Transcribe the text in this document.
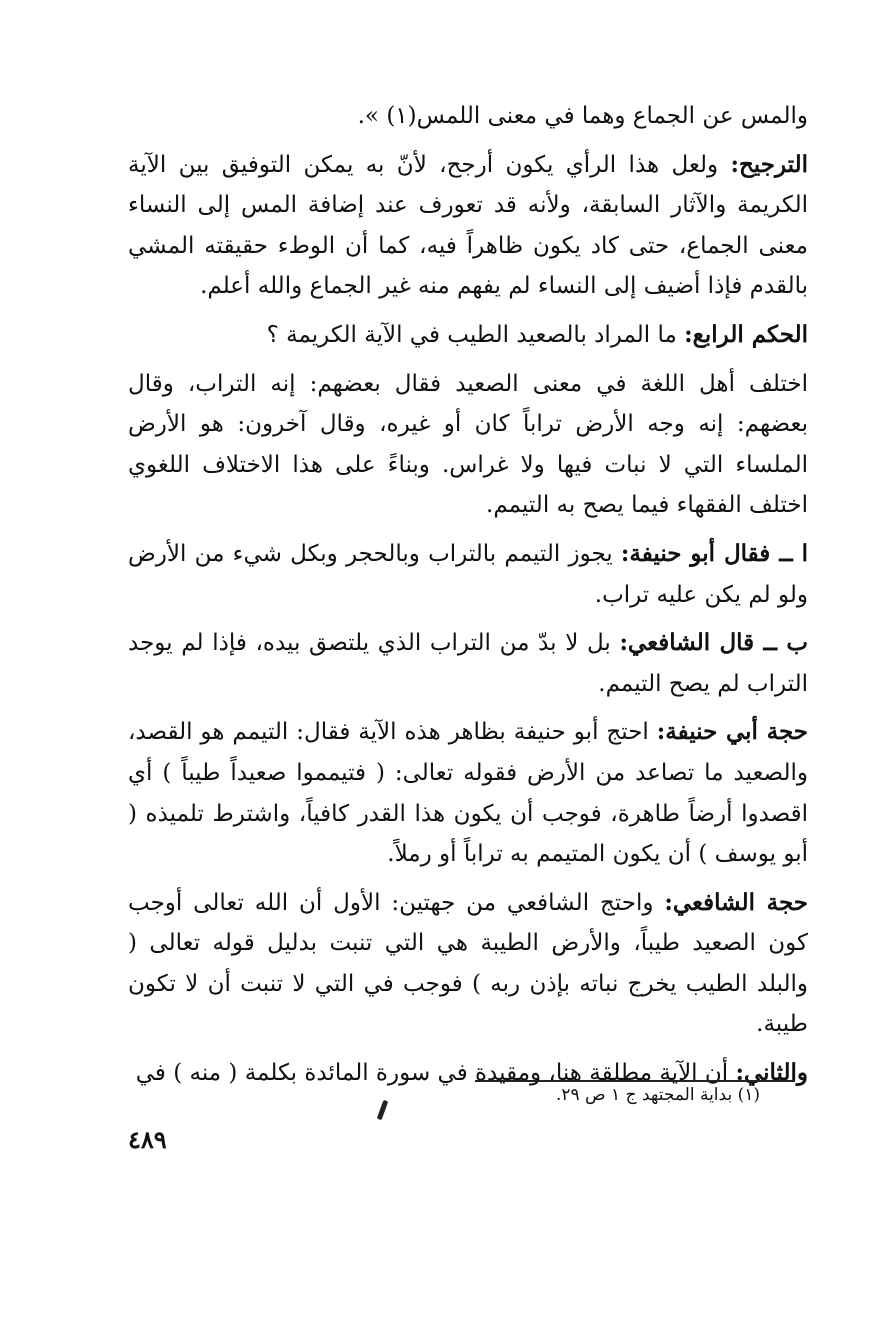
والمس عن الجماع وهما في معنى اللمس(١) ».

الترجيح: ولعل هذا الرأي يكون أرجح، لأنّ به يمكن التوفيق بين الآية الكريمة والآثار السابقة، ولأنه قد تعورف عند إضافة المس إلى النساء معنى الجماع، حتى كاد يكون ظاهراً فيه، كما أن الوطء حقيقته المشي بالقدم فإذا أضيف إلى النساء لم يفهم منه غير الجماع والله أعلم.

الحكم الرابع: ما المراد بالصعيد الطيب في الآية الكريمة ؟

اختلف أهل اللغة في معنى الصعيد فقال بعضهم: إنه التراب، وقال بعضهم: إنه وجه الأرض تراباً كان أو غيره، وقال آخرون: هو الأرض الملساء التي لا نبات فيها ولا غراس. وبناءً على هذا الاختلاف اللغوي اختلف الفقهاء فيما يصح به التيمم.

ا ــ فقال أبو حنيفة: يجوز التيمم بالتراب وبالحجر وبكل شيء من الأرض ولو لم يكن عليه تراب.

ب ــ قال الشافعي: بل لا بدّ من التراب الذي يلتصق بيده، فإذا لم يوجد التراب لم يصح التيمم.

حجة أبي حنيفة: احتج أبو حنيفة بظاهر هذه الآية فقال: التيمم هو القصد، والصعيد ما تصاعد من الأرض فقوله تعالى: ( فتيمموا صعيداً طيباً ) أي اقصدوا أرضاً طاهرة، فوجب أن يكون هذا القدر كافياً، واشترط تلميذه ( أبو يوسف ) أن يكون المتيمم به تراباً أو رملاً.

حجة الشافعي: واحتج الشافعي من جهتين: الأول أن الله تعالى أوجب كون الصعيد طيباً، والأرض الطيبة هي التي تنبت بدليل قوله تعالى ( والبلد الطيب يخرج نباته بإذن ربه ) فوجب في التي لا تنبت أن لا تكون طيبة.

والثاني: أن الآية مطلقة هنا، ومقيدة في سورة المائدة بكلمة ( منه ) في

(١) بداية المجتهد ج ١ ص ٢٩.
٤٨٩
